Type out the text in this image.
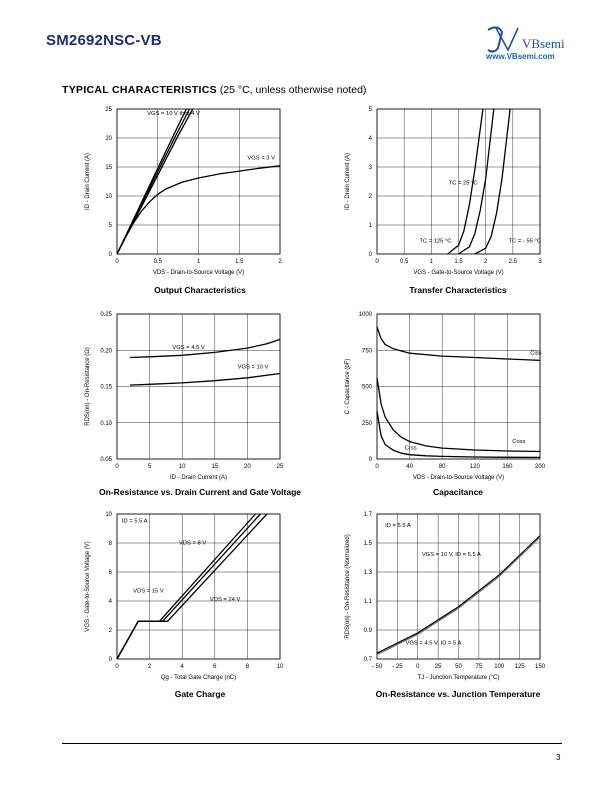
SM2692NSC-VB	VBsemi
www.VBsemi.com
TYPICAL CHARACTERISTICS (25 °C, unless otherwise noted)
0	0.5	1	1.5	2
0
5
10
15
20
25
VDS - Drain-to-Source Voltage (V)
ID - Drain Current (A)
VGS = 10 V thru 4 V
VGS = 3 V
Output Characteristics
0	0.5	1	1.5	2	2.5	3
0
1
2
3
4
5
VGS - Gate-to-Source Voltage (V)
ID - Drain Current (A)	TC = 25 °C
TC = 125 °C	TC = - 55 °C
Transfer Characteristics
0	5	10	15	20	25
0.05
0.10
0.15
0.20
0.25
ID - Drain Current (A)
RDS(on) - On-Resistance (Ω)	VGS = 4.5 V
VGS = 10 V
On-Resistance vs. Drain Current and Gate Voltage
0	40	80	120	160	200
0
250
500
750
1000
VDS - Drain-to-Source Voltage (V)
C - Capacitance (pF)
Ciss
Coss
Crss
Capacitance
0	2	4	6	8	10
0
2
4
6
8
10
Qg - Total Gate Charge (nC)
VGS - Gate-to-Source Voltage (V)
ID = 5.5 A
VDS = 8 V
VDS = 15 V
VDS = 24 V
Gate Charge
- 50 - 25 0	25 50 75 100 125 150
0.7
0.9
1.1
1.3
1.5
1.7
TJ - Junction Temperature (°C)
RDS(on) - On-Resistance (Normalized)
ID = 5.5 A
VGS = 10 V, ID = 5.5 A
VGS = 4.5 V, ID = 5 A
On-Resistance vs. Junction Temperature
3
